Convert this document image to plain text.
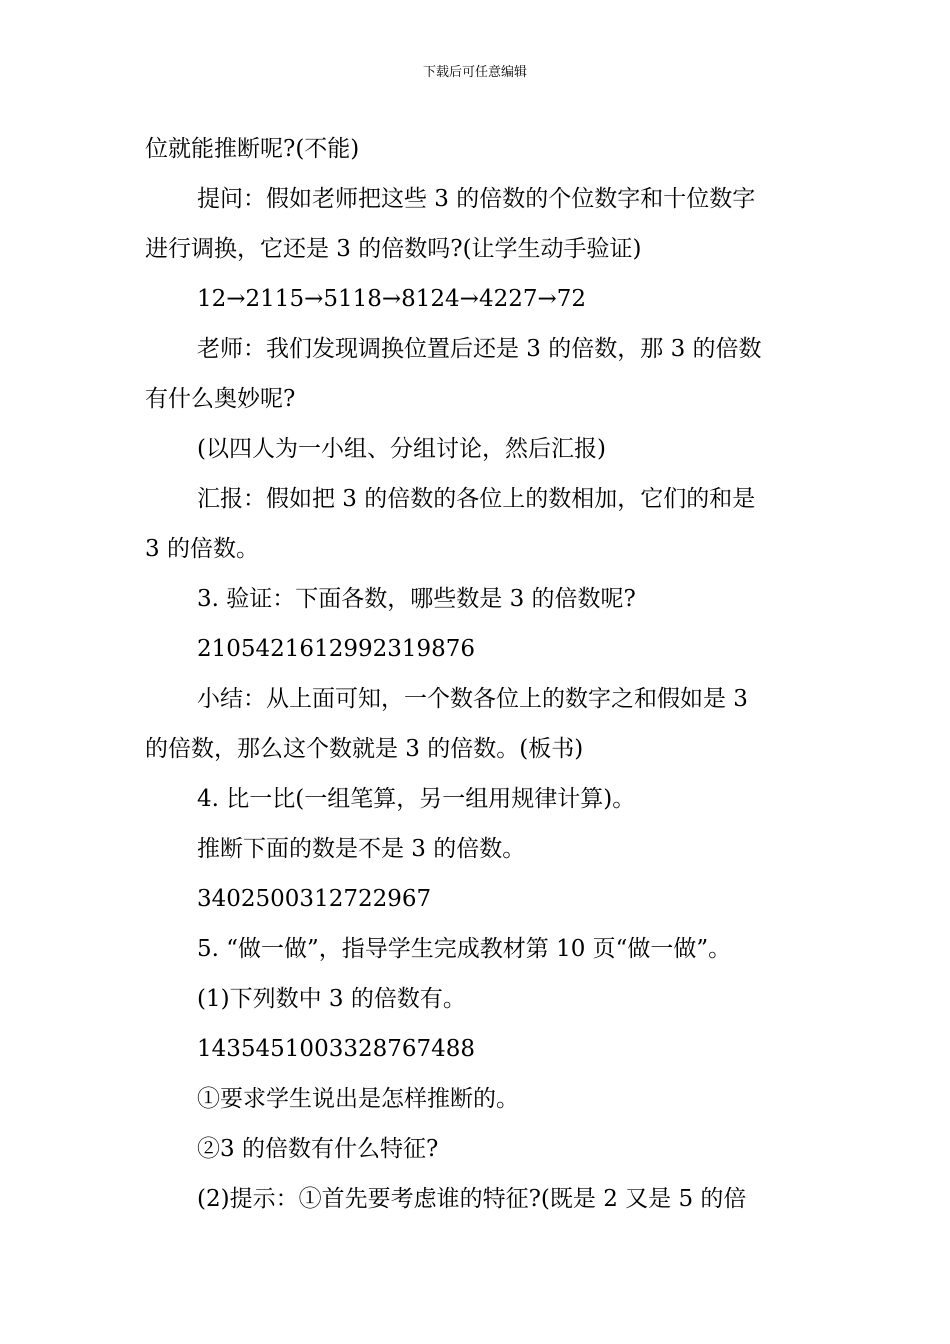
下载后可任意编辑
位就能推断呢?(不能)
提问：假如老师把这些 3 的倍数的个位数字和十位数字
进行调换，它还是 3 的倍数吗?(让学生动手验证)
12→2115→5118→8124→4227→72
老师：我们发现调换位置后还是 3 的倍数，那 3 的倍数
有什么奥妙呢?
(以四人为一小组、分组讨论，然后汇报)
汇报：假如把 3 的倍数的各位上的数相加，它们的和是
3 的倍数。
3. 验证：下面各数，哪些数是 3 的倍数呢?
2105421612992319876
小结：从上面可知，一个数各位上的数字之和假如是 3
的倍数，那么这个数就是 3 的倍数。(板书)
4. 比一比(一组笔算，另一组用规律计算)。
推断下面的数是不是 3 的倍数。
3402500312722967
5. “做一做”，指导学生完成教材第 10 页“做一做”。
(1)下列数中 3 的倍数有。
1435451003328767488
①要求学生说出是怎样推断的。
②3 的倍数有什么特征?
(2)提示：①首先要考虑谁的特征?(既是 2 又是 5 的倍
